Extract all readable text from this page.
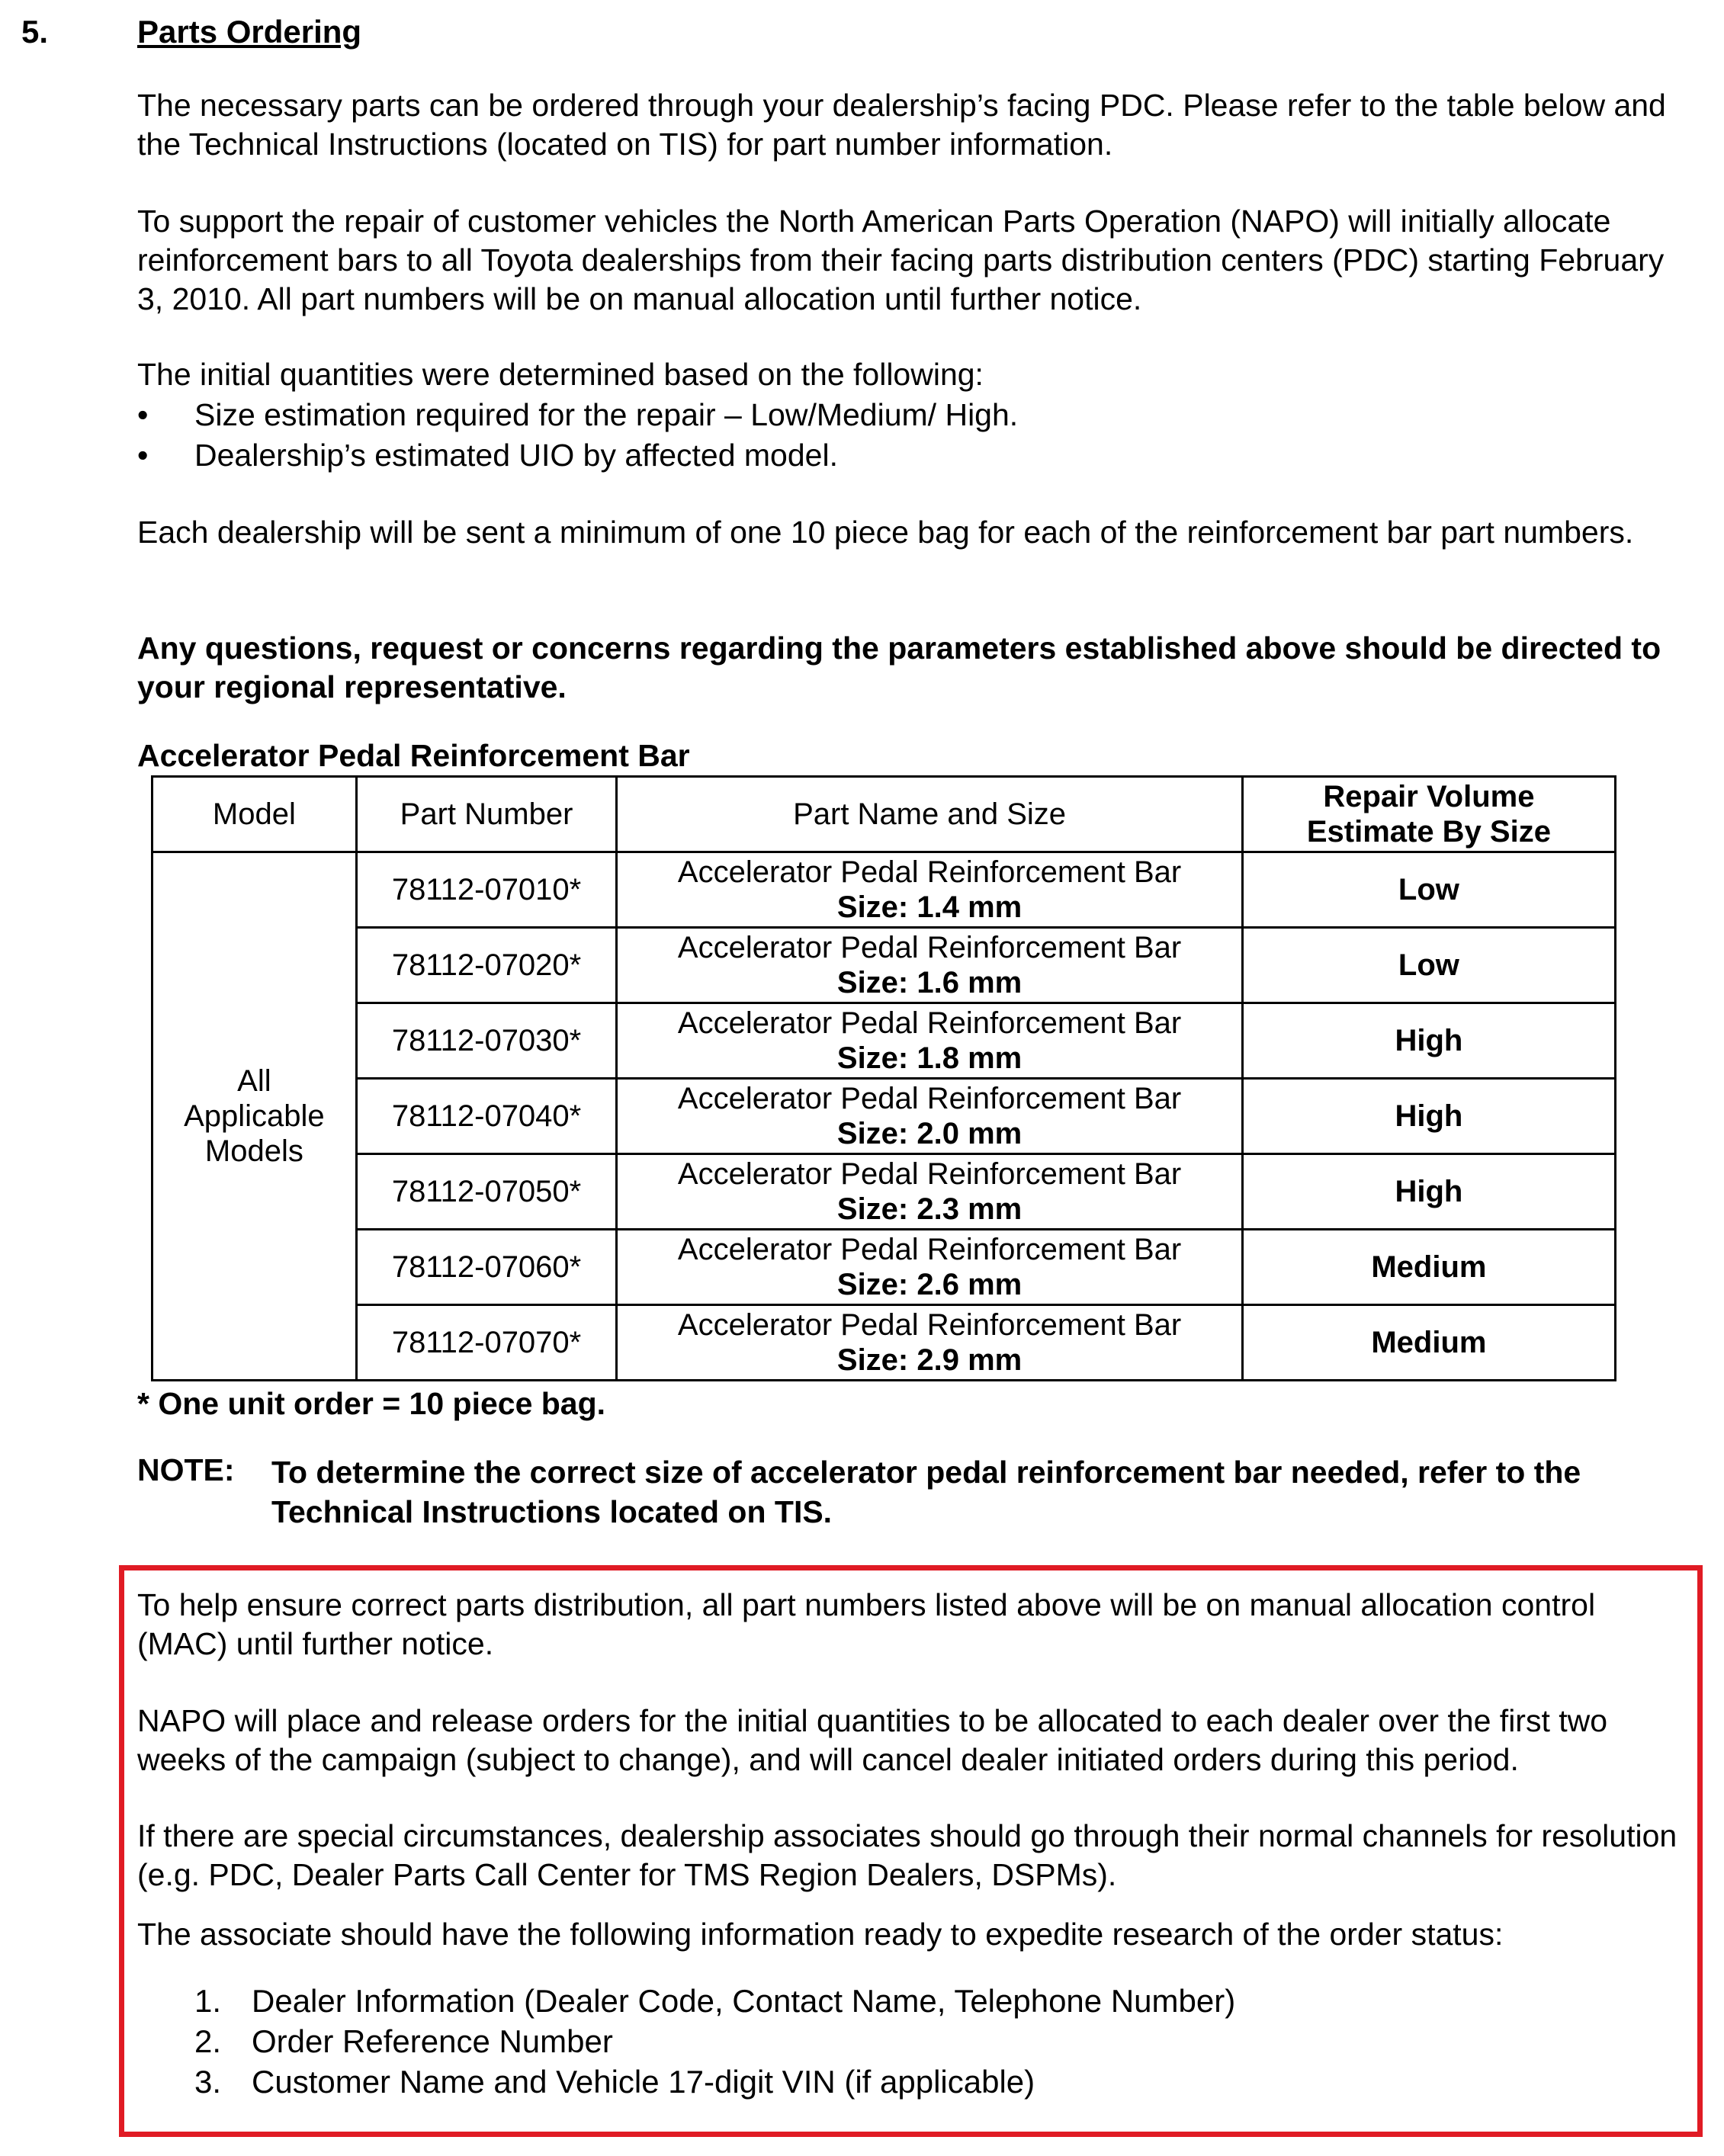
5.	Parts Ordering

The necessary parts can be ordered through your dealership’s facing PDC. Please refer to the table below and the Technical Instructions (located on TIS) for part number information.

To support the repair of customer vehicles the North American Parts Operation (NAPO) will initially allocate reinforcement bars to all Toyota dealerships from their facing parts distribution centers (PDC) starting February 3, 2010. All part numbers will be on manual allocation until further notice.

The initial quantities were determined based on the following:

• Size estimation required for the repair – Low/Medium/ High.
• Dealership’s estimated UIO by affected model.

Each dealership will be sent a minimum of one 10 piece bag for each of the reinforcement bar part numbers.

Any questions, request or concerns regarding the parameters established above should be directed to your regional representative.

Accelerator Pedal Reinforcement Bar
Model	Part Number	Part Name and Size	Repair Volume
Estimate By Size

All
Applicable
Models	78112-07010*	Accelerator Pedal Reinforcement Bar
Size: 1.4 mm	Low
	78112-07020*	Accelerator Pedal Reinforcement Bar
Size: 1.6 mm	Low
	78112-07030*	Accelerator Pedal Reinforcement Bar
Size: 1.8 mm	High
	78112-07040*	Accelerator Pedal Reinforcement Bar
Size: 2.0 mm	High
	78112-07050*	Accelerator Pedal Reinforcement Bar
Size: 2.3 mm	High
	78112-07060*	Accelerator Pedal Reinforcement Bar
Size: 2.6 mm	Medium
	78112-07070*	Accelerator Pedal Reinforcement Bar
Size: 2.9 mm	Medium
* One unit order = 10 piece bag.
NOTE: To determine the correct size of accelerator pedal reinforcement bar needed, refer to the Technical Instructions located on TIS.

To help ensure correct parts distribution, all part numbers listed above will be on manual allocation control (MAC) until further notice.

NAPO will place and release orders for the initial quantities to be allocated to each dealer over the first two weeks of the campaign (subject to change), and will cancel dealer initiated orders during this period.

If there are special circumstances, dealership associates should go through their normal channels for resolution (e.g. PDC, Dealer Parts Call Center for TMS Region Dealers, DSPMs).

The associate should have the following information ready to expedite research of the order status:

1. Dealer Information (Dealer Code, Contact Name, Telephone Number)
2. Order Reference Number
3. Customer Name and Vehicle 17-digit VIN (if applicable)
